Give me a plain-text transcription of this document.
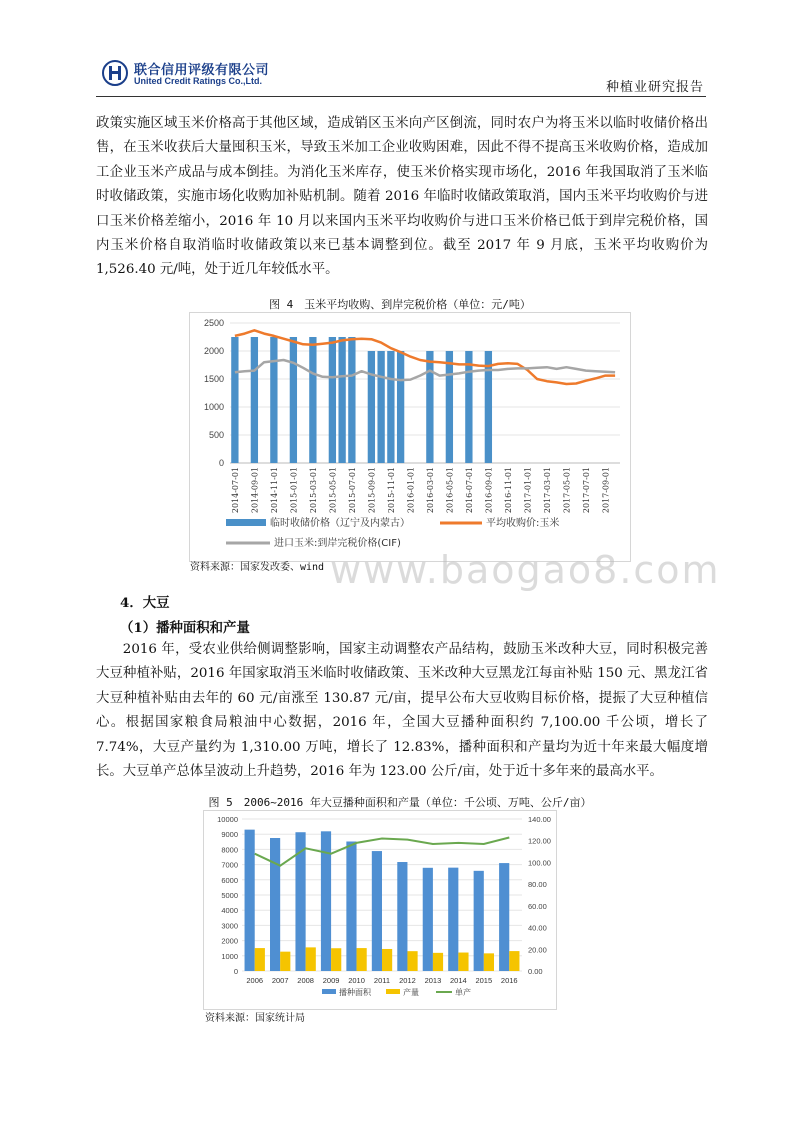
联合信用评级有限公司
United Credit Ratings Co.,Ltd.	种植业研究报告

政策实施区域玉米价格高于其他区域，造成销区玉米向产区倒流，同时农户为将玉米以临时收储价格出售，在玉米收获后大量囤积玉米，导致玉米加工企业收购困难，因此不得不提高玉米收购价格，造成加工企业玉米产成品与成本倒挂。为消化玉米库存，使玉米价格实现市场化，2016 年我国取消了玉米临时收储政策，实施市场化收购加补贴机制。随着 2016 年临时收储政策取消，国内玉米平均收购价与进口玉米价格差缩小，2016 年 10 月以来国内玉米平均收购价与进口玉米价格已低于到岸完税价格，国内玉米价格自取消临时收储政策以来已基本调整到位。截至 2017 年 9 月底，玉米平均收购价为 1,526.40 元/吨，处于近几年较低水平。

图 4　玉米平均收购、到岸完税价格（单位：元/吨）
0
500
1000
1500
2000
2500
2014-07-01 2014-09-01 2014-11-01 2015-01-01 2015-03-01 2015-05-01 2015-07-01 2015-09-01 2015-11-01 2016-01-01 2016-03-01 2016-05-01 2016-07-01 2016-09-01 2016-11-01 2017-01-01 2017-03-01 2017-05-01 2017-07-01 2017-09-01
临时收储价格（辽宁及内蒙古）	平均收购价:玉米
进口玉米:到岸完税价格(CIF)
www.baogao8.com
资料来源：国家发改委、wind
4．大豆
（1）播种面积和产量

2016 年，受农业供给侧调整影响，国家主动调整农产品结构，鼓励玉米改种大豆，同时积极完善大豆种植补贴，2016 年国家取消玉米临时收储政策、玉米改种大豆黑龙江每亩补贴 150 元、黑龙江省大豆种植补贴由去年的 60 元/亩涨至 130.87 元/亩，提早公布大豆收购目标价格，提振了大豆种植信心。根据国家粮食局粮油中心数据，2016 年，全国大豆播种面积约 7,100.00 千公顷，增长了 7.74%，大豆产量约为 1,310.00 万吨，增长了 12.83%，播种面积和产量均为近十年来最大幅度增长。大豆单产总体呈波动上升趋势，2016 年为 123.00 公斤/亩，处于近十多年来的最高水平。

图 5　2006~2016 年大豆播种面积和产量（单位：千公顷、万吨、公斤/亩）
0
1000
2000
3000
4000
5000
6000
7000
8000
9000
10000
0.00
20.00
40.00
60.00
80.00
100.00
120.00
140.00
2006 2007 2008 2009 2010 2011 2012 2013 2014 2015 2016
播种面积	产量	单产
资料来源：国家统计局
